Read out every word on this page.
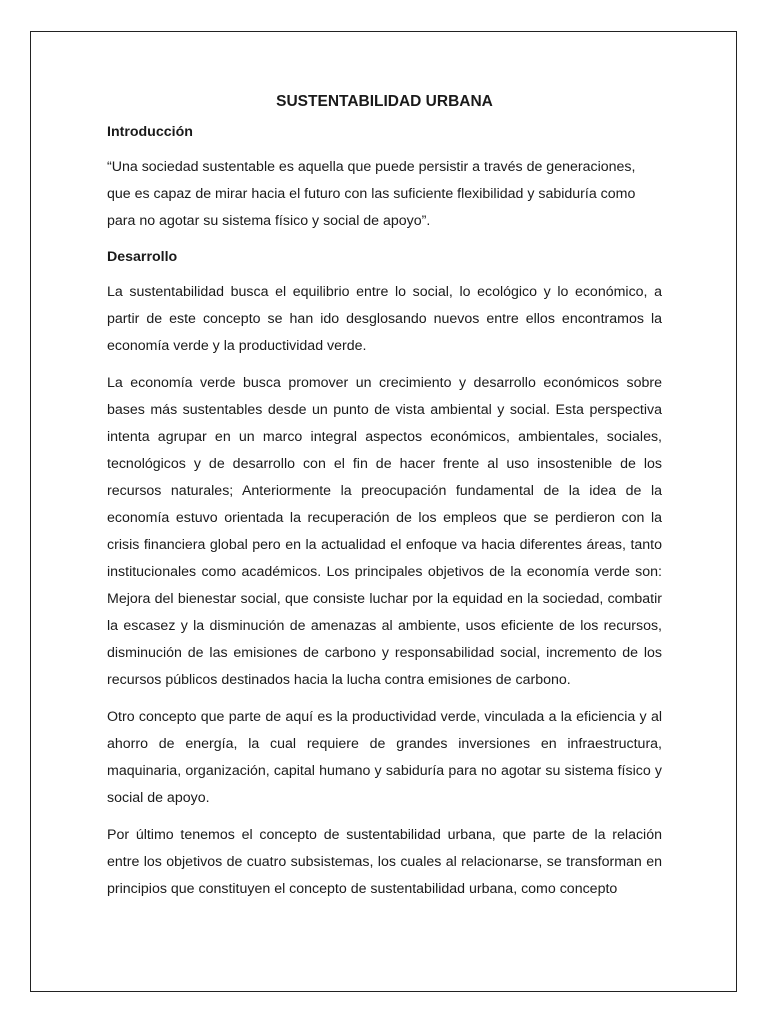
SUSTENTABILIDAD URBANA
Introducción

“Una sociedad sustentable es aquella que puede persistir a través de generaciones, que es capaz de mirar hacia el futuro con las suficiente flexibilidad y sabiduría como para no agotar su sistema físico y social de apoyo”.

Desarrollo

La sustentabilidad busca el equilibrio entre lo social, lo ecológico y lo económico, a partir de este concepto se han ido desglosando nuevos entre ellos encontramos la economía verde y la productividad verde.

La economía verde busca promover un crecimiento y desarrollo económicos sobre bases más sustentables desde un punto de vista ambiental y social. Esta perspectiva intenta agrupar en un marco integral aspectos económicos, ambientales, sociales, tecnológicos y de desarrollo con el fin de hacer frente al uso insostenible de los recursos naturales; Anteriormente la preocupación fundamental de la idea de la economía estuvo orientada la recuperación de los empleos que se perdieron con la crisis financiera global pero en la actualidad el enfoque va hacia diferentes áreas, tanto institucionales como académicos. Los principales objetivos de la economía verde son: Mejora del bienestar social, que consiste luchar por la equidad en la sociedad, combatir la escasez y la disminución de amenazas al ambiente, usos eficiente de los recursos, disminución de las emisiones de carbono y responsabilidad social, incremento de los recursos públicos destinados hacia la lucha contra emisiones de carbono.

Otro concepto que parte de aquí es la productividad verde, vinculada a la eficiencia y al ahorro de energía, la cual requiere de grandes inversiones en infraestructura, maquinaria, organización, capital humano y sabiduría para no agotar su sistema físico y social de apoyo.

Por último tenemos el concepto de sustentabilidad urbana, que parte de la relación entre los objetivos de cuatro subsistemas, los cuales al relacionarse, se transforman en principios que constituyen el concepto de sustentabilidad urbana, como concepto
